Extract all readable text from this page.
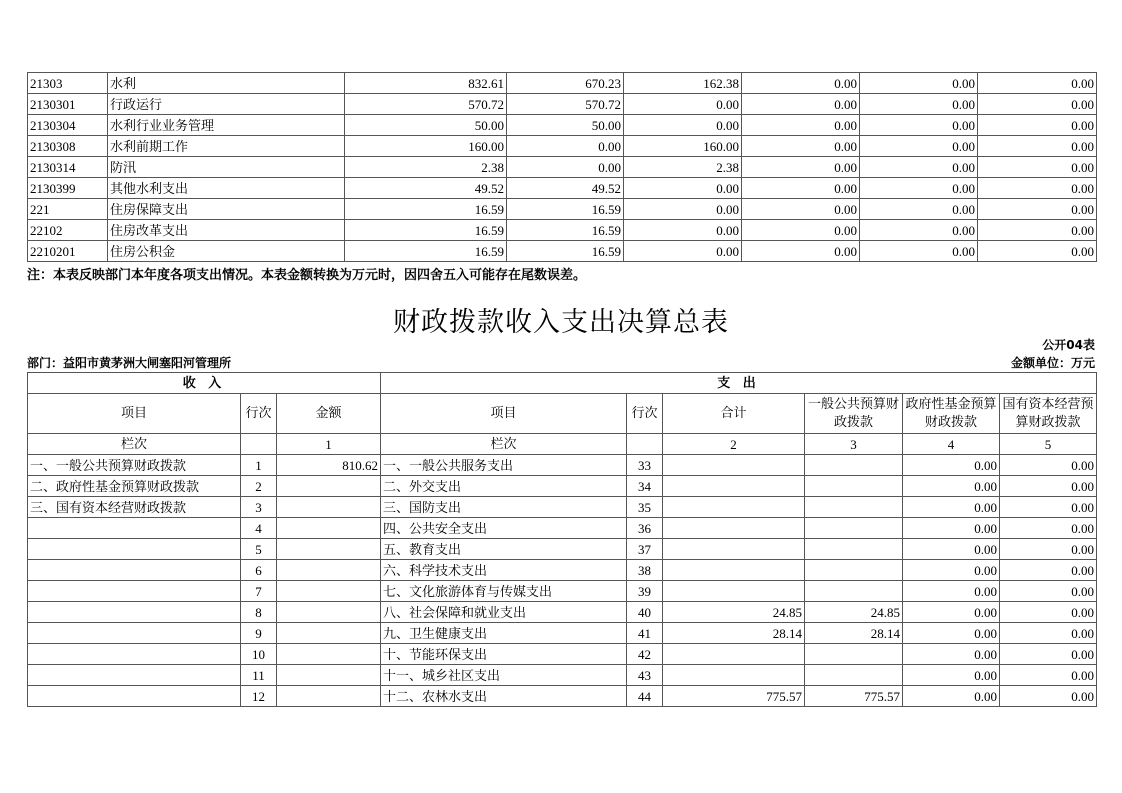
21303	水利	832.61	670.23	162.38	0.00	0.00	0.00
2130301	行政运行	570.72	570.72	0.00	0.00	0.00	0.00
2130304	水利行业业务管理	50.00	50.00	0.00	0.00	0.00	0.00
2130308	水利前期工作	160.00	0.00	160.00	0.00	0.00	0.00
2130314	防汛	2.38	0.00	2.38	0.00	0.00	0.00
2130399	其他水利支出	49.52	49.52	0.00	0.00	0.00	0.00
221	住房保障支出	16.59	16.59	0.00	0.00	0.00	0.00
22102	住房改革支出	16.59	16.59	0.00	0.00	0.00	0.00
2210201	住房公积金	16.59	16.59	0.00	0.00	0.00	0.00
注：本表反映部门本年度各项支出情况。本表金额转换为万元时，因四舍五入可能存在尾数误差。
财政拨款收入支出决算总表
公开04表
部门：益阳市黄茅洲大闸塞阳河管理所	金额单位：万元
收 入			支 出					
项目	行次	金额	项目	行次	合计	一般公共预算财政拨款	政府性基金预算财政拨款	国有资本经营预算财政拨款
栏次		1	栏次		2	3	4	5
一、一般公共预算财政拨款	1	810.62	一、一般公共服务支出	33			0.00	0.00
二、政府性基金预算财政拨款	2		二、外交支出	34			0.00	0.00
三、国有资本经营财政拨款	3		三、国防支出	35			0.00	0.00
	4		四、公共安全支出	36			0.00	0.00
	5		五、教育支出	37			0.00	0.00
	6		六、科学技术支出	38			0.00	0.00
	7		七、文化旅游体育与传媒支出	39			0.00	0.00
	8		八、社会保障和就业支出	40	24.85	24.85	0.00	0.00
	9		九、卫生健康支出	41	28.14	28.14	0.00	0.00
	10		十、节能环保支出	42			0.00	0.00
	11		十一、城乡社区支出	43			0.00	0.00
	12		十二、农林水支出	44	775.57	775.57	0.00	0.00
